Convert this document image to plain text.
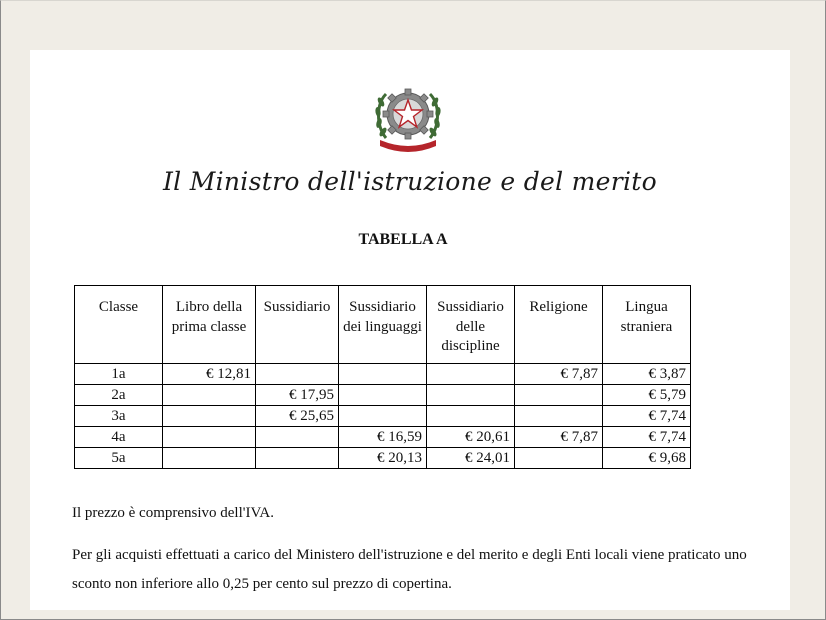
Il Ministro dell'istruzione e del merito
TABELLA A
Classe	Libro della prima classe	Sussidiario	Sussidiario dei linguaggi	Sussidiario delle discipline	Religione	Lingua straniera
1a	€ 12,81				€ 7,87	€ 3,87
2a		€ 17,95				€ 5,79
3a		€ 25,65				€ 7,74
4a			€ 16,59	€ 20,61	€ 7,87	€ 7,74
5a			€ 20,13	€ 24,01		€ 9,68
Il prezzo è comprensivo dell'IVA.
Per gli acquisti effettuati a carico del Ministero dell'istruzione e del merito e degli Enti locali viene praticato uno sconto non inferiore allo 0,25 per cento sul prezzo di copertina.
